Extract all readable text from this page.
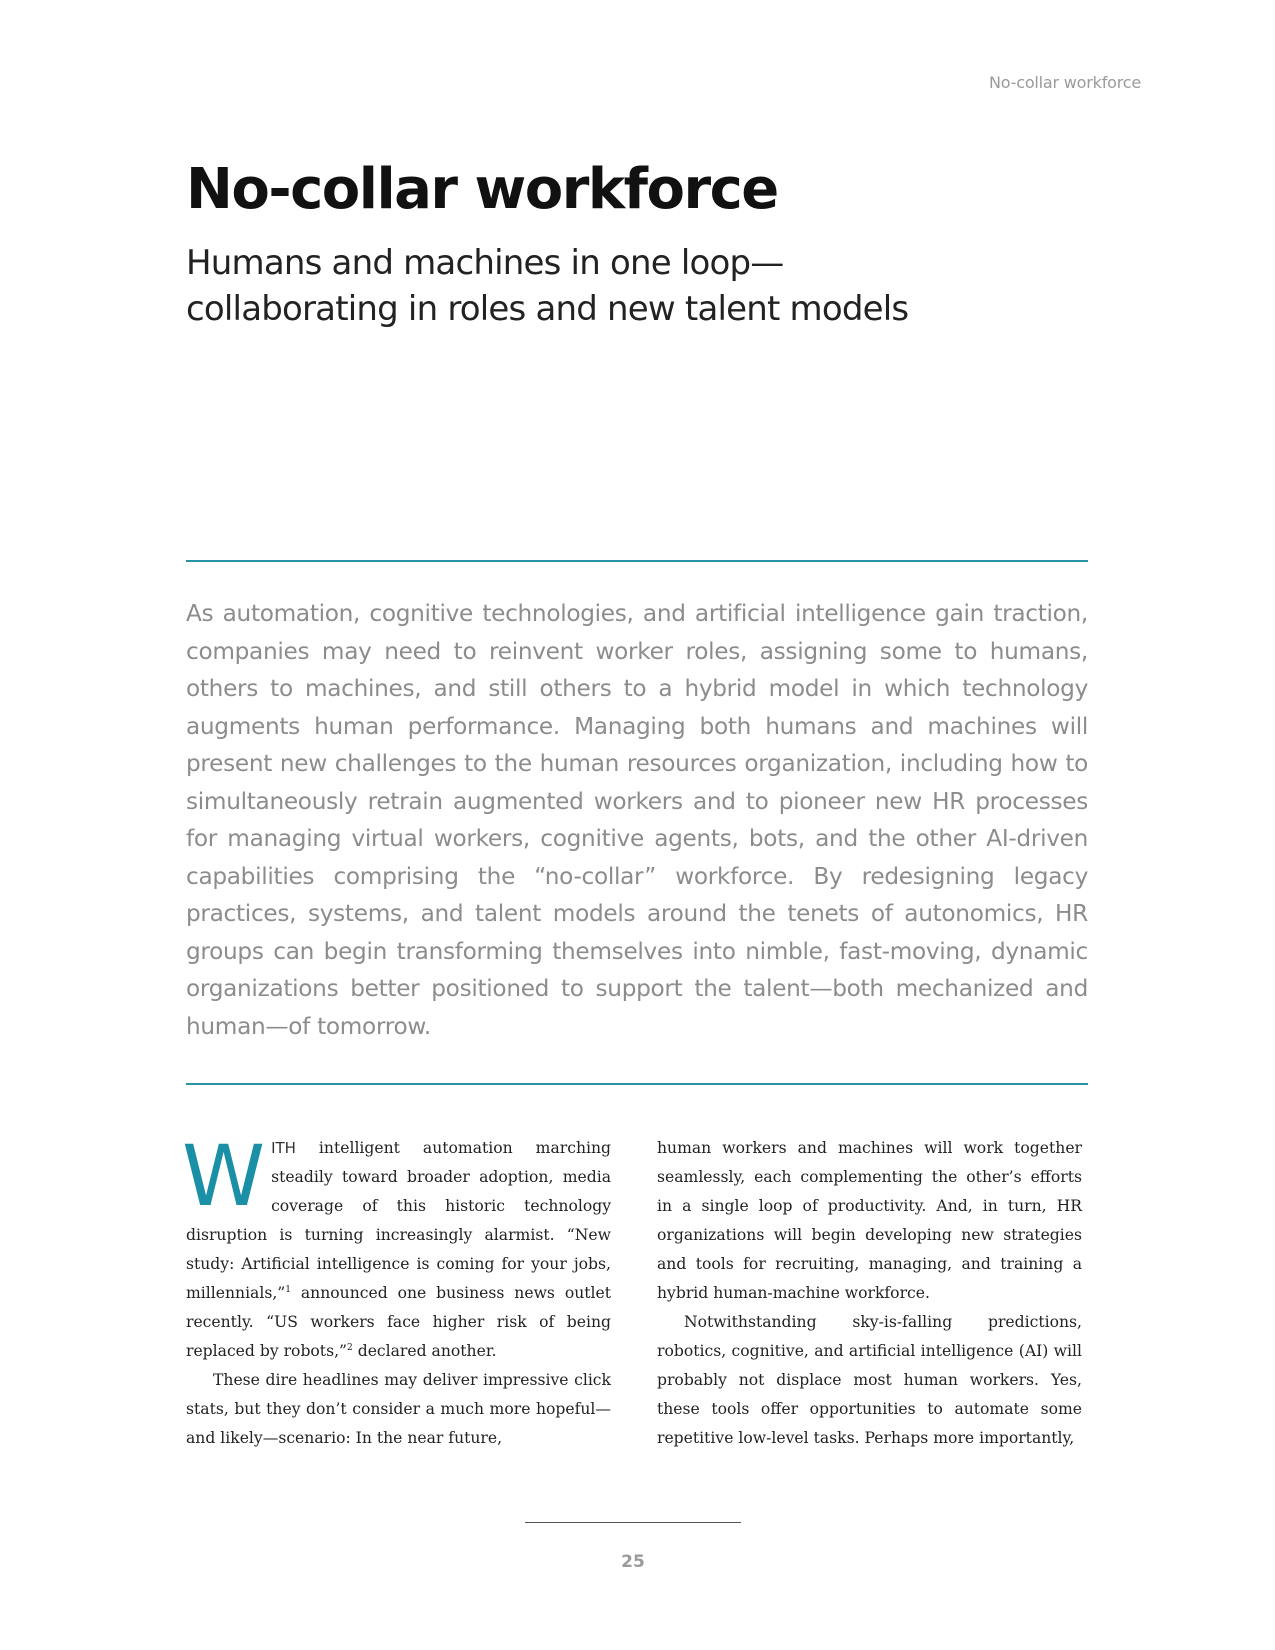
No-collar workforce
No-collar workforce
Humans and machines in one loop—
collaborating in roles and new talent models

As automation, cognitive technologies, and artificial intelligence gain traction, companies may need to reinvent worker roles, assigning some to humans, others to machines, and still others to a hybrid model in which technology augments human performance. Managing both humans and machines will present new challenges to the human resources organization, including how to simultaneously retrain augmented workers and to pioneer new HR processes for managing virtual workers, cognitive agents, bots, and the other AI-driven capabilities comprising the “no-collar” workforce. By redesigning legacy practices, systems, and talent models around the tenets of autonomics, HR groups can begin transforming themselves into nimble, fast-moving, dynamic organizations better positioned to support the talent—both mechanized and human—of tomorrow.

WITH intelligent automation marching steadily toward broader adoption, media coverage of this historic technology disruption is turning increasingly alarmist. “New study: Artificial intelligence is coming for your jobs, millennials,”$^1$ announced one business news outlet recently. “US workers face higher risk of being replaced by robots,”$^2$ declared another.

These dire headlines may deliver impressive click stats, but they don’t consider a much more hopeful—and likely—scenario: In the near future,

human workers and machines will work together seamlessly, each complementing the other’s efforts in a single loop of productivity. And, in turn, HR organizations will begin developing new strategies and tools for recruiting, managing, and training a hybrid human-machine workforce.

Notwithstanding sky-is-falling predictions, robotics, cognitive, and artificial intelligence (AI) will probably not displace most human workers. Yes, these tools offer opportunities to automate some repetitive low-level tasks. Perhaps more importantly,

25
